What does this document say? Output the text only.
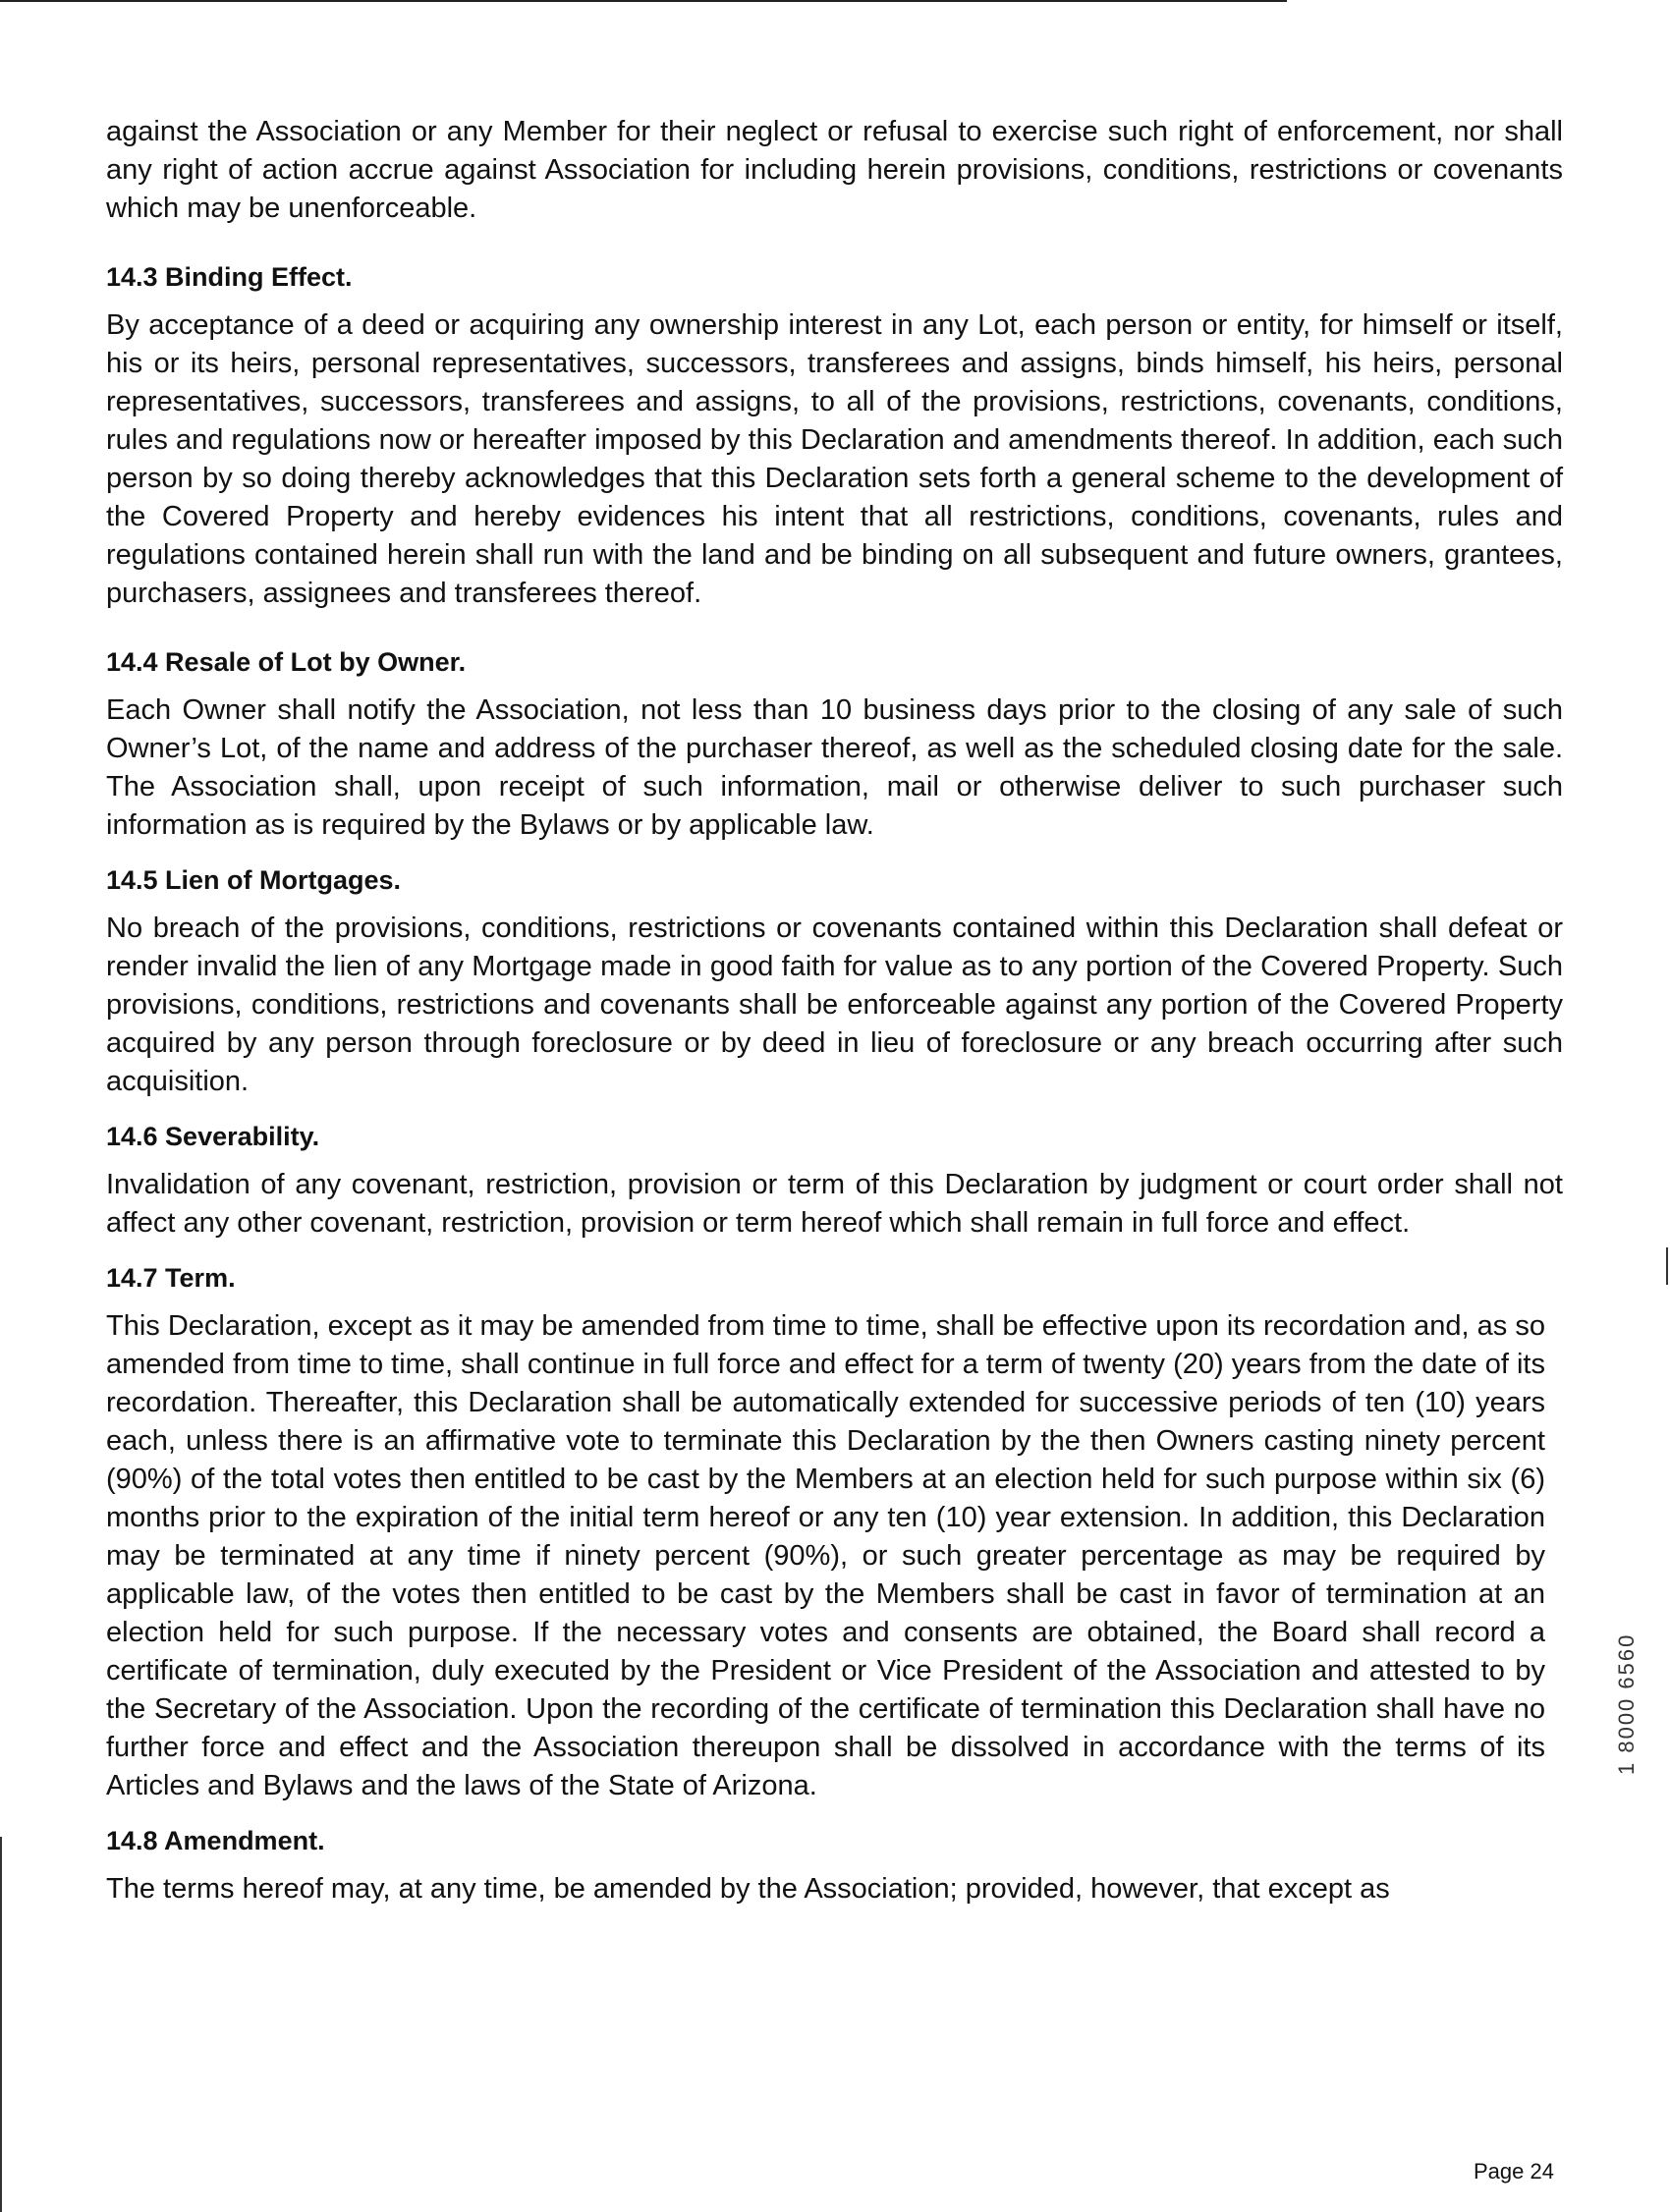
against the Association or any Member for their neglect or refusal to exercise such right of enforcement, nor shall any right of action accrue against Association for including herein provisions, conditions, restrictions or covenants which may be unenforceable.

14.3 Binding Effect.

By acceptance of a deed or acquiring any ownership interest in any Lot, each person or entity, for himself or itself, his or its heirs, personal representatives, successors, transferees and assigns, binds himself, his heirs, personal representatives, successors, transferees and assigns, to all of the provisions, restrictions, covenants, conditions, rules and regulations now or hereafter imposed by this Declaration and amendments thereof. In addition, each such person by so doing thereby acknowledges that this Declaration sets forth a general scheme to the development of the Covered Property and hereby evidences his intent that all restrictions, conditions, covenants, rules and regulations contained herein shall run with the land and be binding on all subsequent and future owners, grantees, purchasers, assignees and transferees thereof.

14.4 Resale of Lot by Owner.

Each Owner shall notify the Association, not less than 10 business days prior to the closing of any sale of such Owner’s Lot, of the name and address of the purchaser thereof, as well as the scheduled closing date for the sale. The Association shall, upon receipt of such information, mail or otherwise deliver to such purchaser such information as is required by the Bylaws or by applicable law.

14.5 Lien of Mortgages.

No breach of the provisions, conditions, restrictions or covenants contained within this Declaration shall defeat or render invalid the lien of any Mortgage made in good faith for value as to any portion of the Covered Property. Such provisions, conditions, restrictions and covenants shall be enforceable against any portion of the Covered Property acquired by any person through foreclosure or by deed in lieu of foreclosure or any breach occurring after such acquisition.

14.6 Severability.

Invalidation of any covenant, restriction, provision or term of this Declaration by judgment or court order shall not affect any other covenant, restriction, provision or term hereof which shall remain in full force and effect.

14.7 Term.

This Declaration, except as it may be amended from time to time, shall be effective upon its recordation and, as so amended from time to time, shall continue in full force and effect for a term of twenty (20) years from the date of its recordation. Thereafter, this Declaration shall be automatically extended for successive periods of ten (10) years each, unless there is an affirmative vote to terminate this Declaration by the then Owners casting ninety percent (90%) of the total votes then entitled to be cast by the Members at an election held for such purpose within six (6) months prior to the expiration of the initial term hereof or any ten (10) year extension. In addition, this Declaration may be terminated at any time if ninety percent (90%), or such greater percentage as may be required by applicable law, of the votes then entitled to be cast by the Members shall be cast in favor of termination at an election held for such purpose. If the necessary votes and consents are obtained, the Board shall record a certificate of termination, duly executed by the President or Vice President of the Association and attested to by the Secretary of the Association. Upon the recording of the certificate of termination this Declaration shall have no further force and effect and the Association thereupon shall be dissolved in accordance with the terms of its Articles and Bylaws and the laws of the State of Arizona.

14.8 Amendment.

The terms hereof may, at any time, be amended by the Association; provided, however, that except as

1 8000 6560
Page 24
